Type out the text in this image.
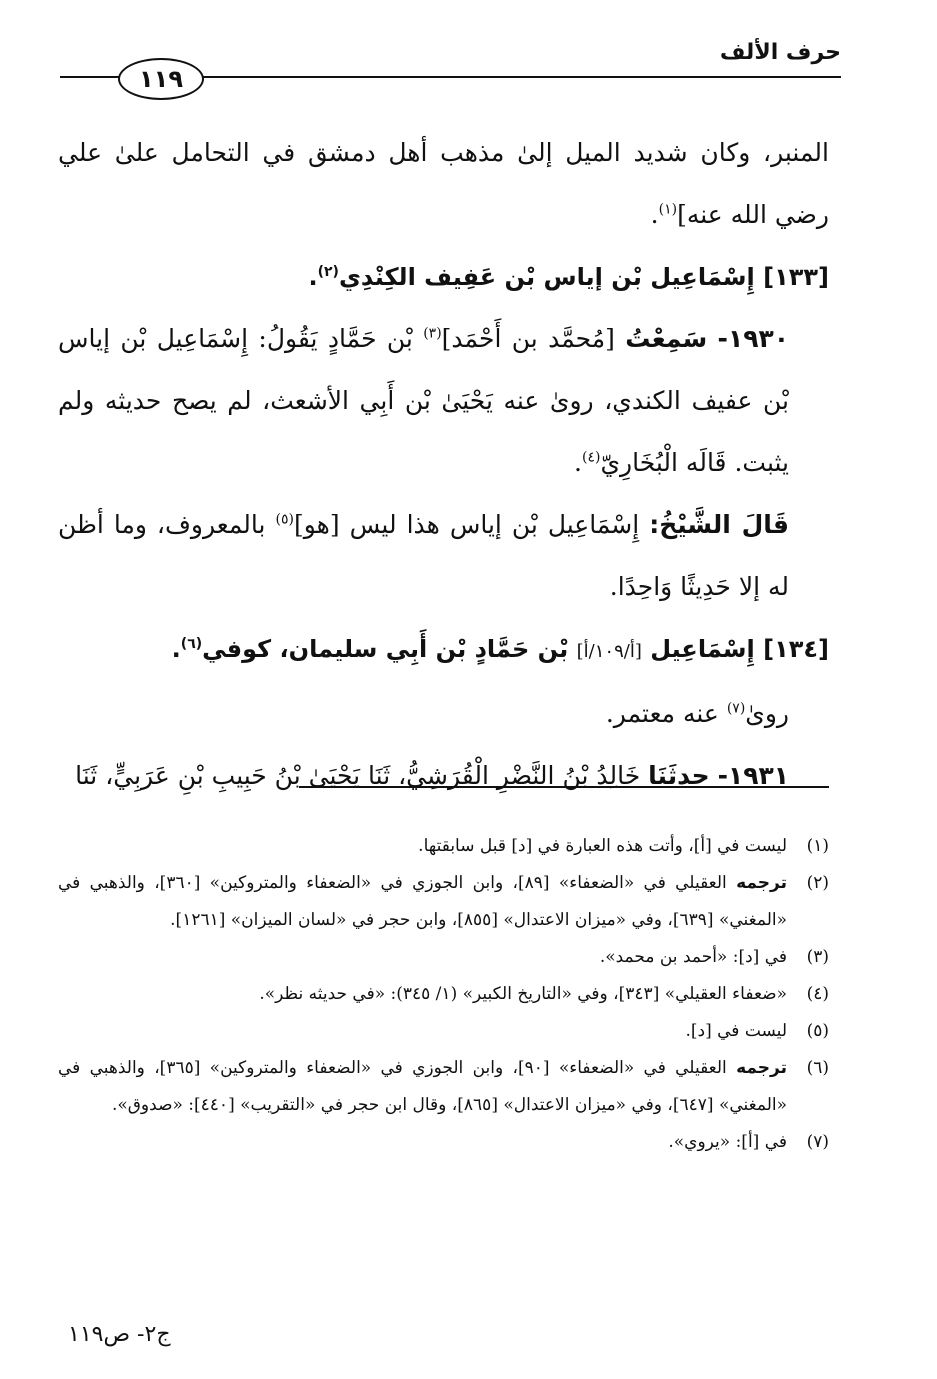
حرف الألف
١١٩

المنبر، وكان شديد الميل إلىٰ مذهب أهل دمشق في التحامل علىٰ علي رضي الله عنه]$^{(١)}$.

[١٣٣] إِسْمَاعِيل بْن إياس بْن عَفِيف الكِنْدِي$^{(٢)}$.

١٩٣٠- سَمِعْتُ [مُحمَّد بن أَحْمَد]$^{(٣)}$ بْن حَمَّادٍ يَقُولُ: إِسْمَاعِيل بْن إياس بْن عفيف الكندي، روىٰ عنه يَحْيَىٰ بْن أَبِي الأشعث، لم يصح حديثه ولم يثبت. قَالَه الْبُخَارِيّ$^{(٤)}$.

قَالَ الشَّيْخُ: إِسْمَاعِيل بْن إياس هذا ليس [هو]$^{(٥)}$ بالمعروف، وما أظن له إلا حَدِيثًا وَاحِدًا.

[١٣٤] إِسْمَاعِيل [أ/١٠٩/أ] بْن حَمَّادٍ بْن أَبِي سليمان، كوفي$^{(٦)}$.

روىٰ$^{(٧)}$ عنه معتمر.

١٩٣١- حدثَنَا خَالِدُ بْنُ النَّضْرِ الْقُرَشِيُّ، ثَنَا يَحْيَىٰ بْنُ حَبِيبِ بْنِ عَرَبِيٍّ، ثَنَا

(١)
ليست في [أ]، وأتت هذه العبارة في [د] قبل سابقتها.

(٢)
ترجمه العقيلي في «الضعفاء» [٨٩]، وابن الجوزي في «الضعفاء والمتروكين» [٣٦٠]، والذهبي في «المغني» [٦٣٩]، وفي «ميزان الاعتدال» [٨٥٥]، وابن حجر في «لسان الميزان» [١٢٦١].

(٣)
في [د]: «أحمد بن محمد».

(٤)
«ضعفاء العقيلي» [٣٤٣]، وفي «التاريخ الكبير» (١/ ٣٤٥): «في حديثه نظر».

(٥)
ليست في [د].

(٦)
ترجمه العقيلي في «الضعفاء» [٩٠]، وابن الجوزي في «الضعفاء والمتروكين» [٣٦٥]، والذهبي في «المغني» [٦٤٧]، وفي «ميزان الاعتدال» [٨٦٥]، وقال ابن حجر في «التقريب» [٤٤٠]: «صدوق».

(٧)
في [أ]: «يروي».

ج٢- ص١١٩
